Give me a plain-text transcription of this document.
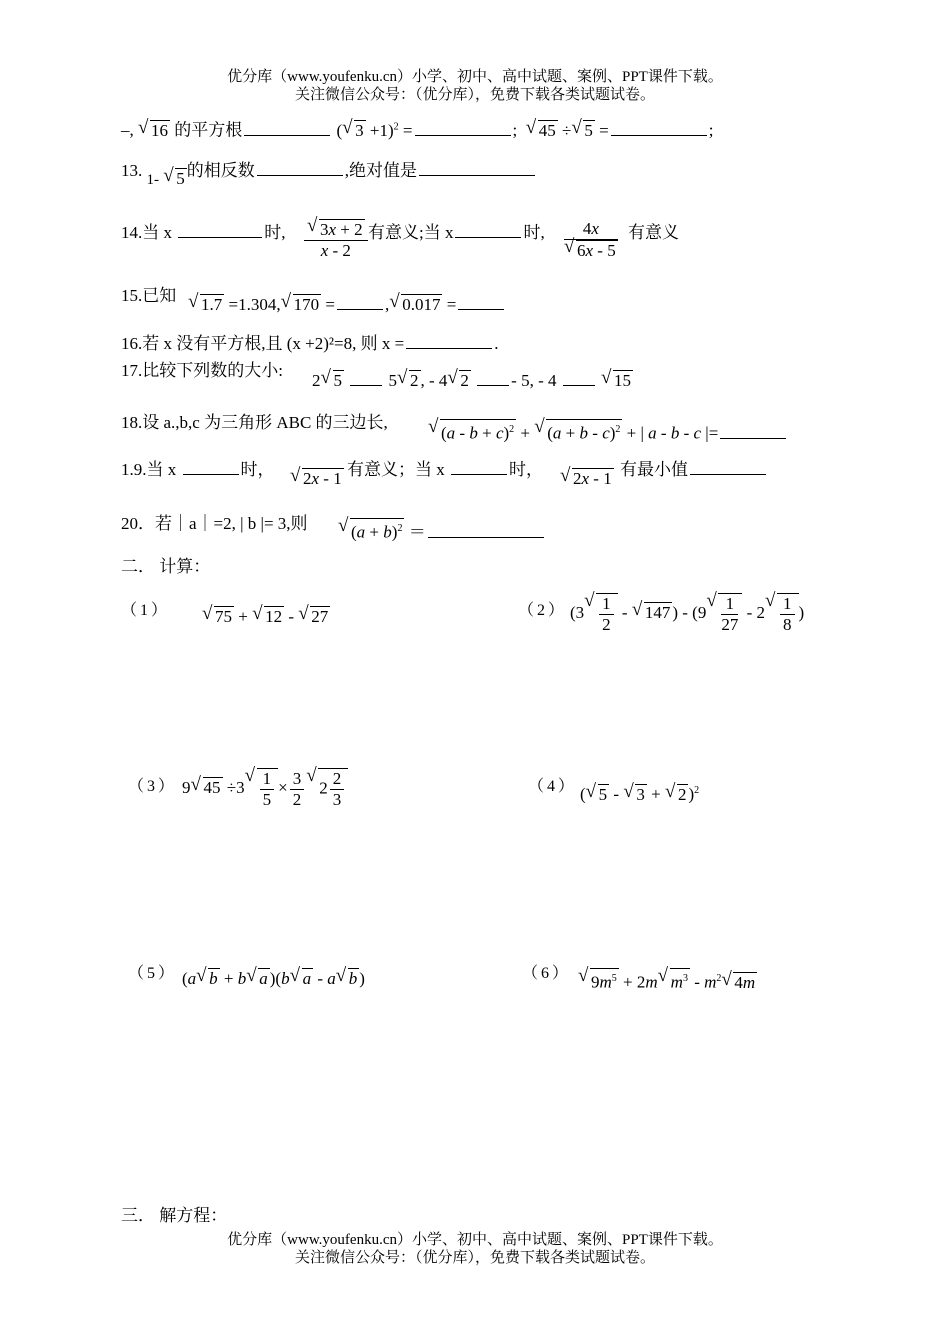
优分库（www.youfenku.cn）小学、初中、高中试题、案例、PPT课件下载。
关注微信公众号：（优分库），免费下载各类试题试卷。
–, √ 16 的平方根	(√ 3 +1)$^2$ =	;  √ 45 ÷√ 5 =	;
13. 1- √ 5 的相反数	,绝对值是
14.当 x	时,
√ $\frac{3x + 2}{x - 2}$ 有意义;当 x	时, 4x
√ 6x - 5 有意义
15.已知
√	1.7 =1.304,√ 170 =	,√ 0.017 =
16.若 x 没有平方根,且 (x +2)²=8, 则 x =	.
17.比较下列数的大小:
2√ 5  5√ 2 , - 4√ 2 - 5, - 4  √	15
18.设 a.,b,c 为三角形 ABC 的三边长,
√ $(a - b + c)^2$ + √ $(a + b - c)^2$ + | a - b - c |=
1.9.当 x	时，
√	2x - 1 有意义；当 x	时，
√	2x - 1 有最小值
20．若｜a｜=2, | b |= 3,则
√	$(a + b)^2$ ＝
二． 计算：
（1）
√	75 + √ 12 - √ 27	（2） (3
√ $\frac{1}{2}$ - √ 147 ) - (9
√ $\frac{1}{27} - 2$
√ $\frac{1}{8}$ )
（3） 9√ 45 ÷3
√ $\frac{1}{5} \times \frac{3}{2}$
√ $2 \frac{2}{3}$	（4） (√ 5 - √ 3 + √ 2 )$^2$
（5） (a√ b + b√ a )(b√ a - a√ b )	（6）
√	$9m^5 + 2m√$ $m^3 - m^2√$ 4m
三． 解方程：
优分库（www.youfenku.cn）小学、初中、高中试题、案例、PPT课件下载。
关注微信公众号：（优分库），免费下载各类试题试卷。
